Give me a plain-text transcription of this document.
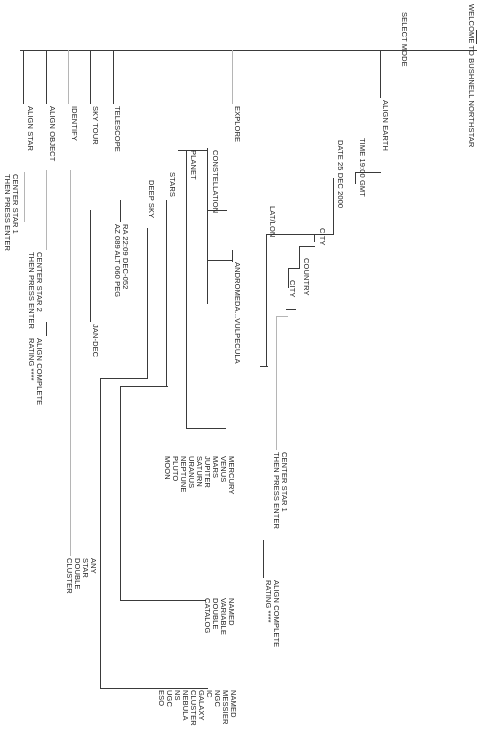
WELCOME TO BUSHNELL NORTHSTAR
SELECT MODE
ALIGN EARTH
TIME 19:00 GMT
DATE 25 DEC 2000
CITY
COUNTRY
CITY
LAT/LON
CENTER STAR 1
THEN PRESS ENTER
ALIGN COMPLETE
RATING ****
EXPLORE
CONSTELLATION
ANDROMEDA...VULPECULA
PLANET
STARS
DEEP SKY
MERCURY
VENUS
MARS
JUPITER
SATURN
URANUS
NEPTUNE
PLUTO
MOON
NAMED
VARIABLE
DOUBLE
CATALOG
NAMED
MESSIER
NGC
IC
GALAXY
CLUSTER
NEBULA
NS
UGC
ESO
TELESCOPE
RA 22:09 DEC-052
AZ 089 ALT 060 PEG
SKY TOUR
JAN-DEC
IDENTIFY
ANY
STAR
DOUBLE
CLUSTER
ALIGN OBJECT
CENTER STAR 2
THEN PRESS ENTER
ALIGN COMPLETE
RATING ****
ALIGN STAR
CENTER STAR 1
THEN PRESS ENTER
